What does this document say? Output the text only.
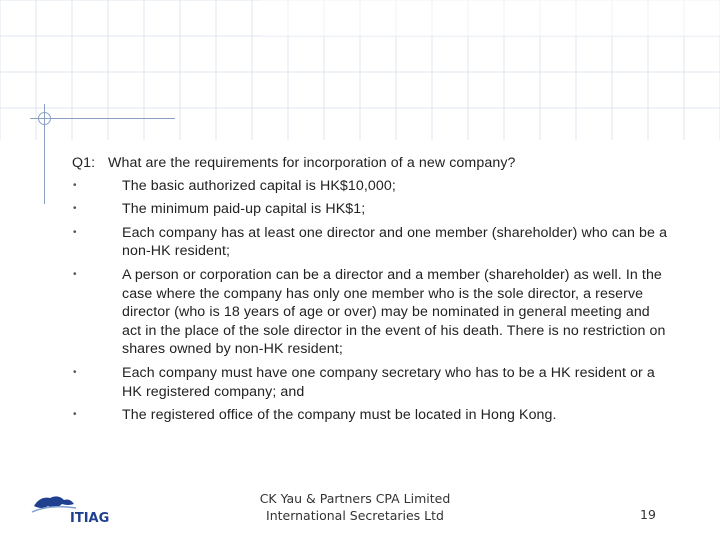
Q1: What are the requirements for incorporation of a new company?
•	The basic authorized capital is HK$10,000;
•	The minimum paid-up capital is HK$1;
•	Each company has at least one director and one member (shareholder) who can be a non-HK resident;
•	A person or corporation can be a director and a member (shareholder) as well. In the case where the company has only one member who is the sole director, a reserve director (who is 18 years of age or over) may be nominated in general meeting and act in the place of the sole director in the event of his death. There is no restriction on shares owned by non-HK resident;
•	Each company must have one company secretary who has to be a HK resident or a HK registered company; and
•	The registered office of the company must be located in Hong Kong.
ITIAG
CK Yau & Partners CPA Limited
International Secretaries Ltd	19
